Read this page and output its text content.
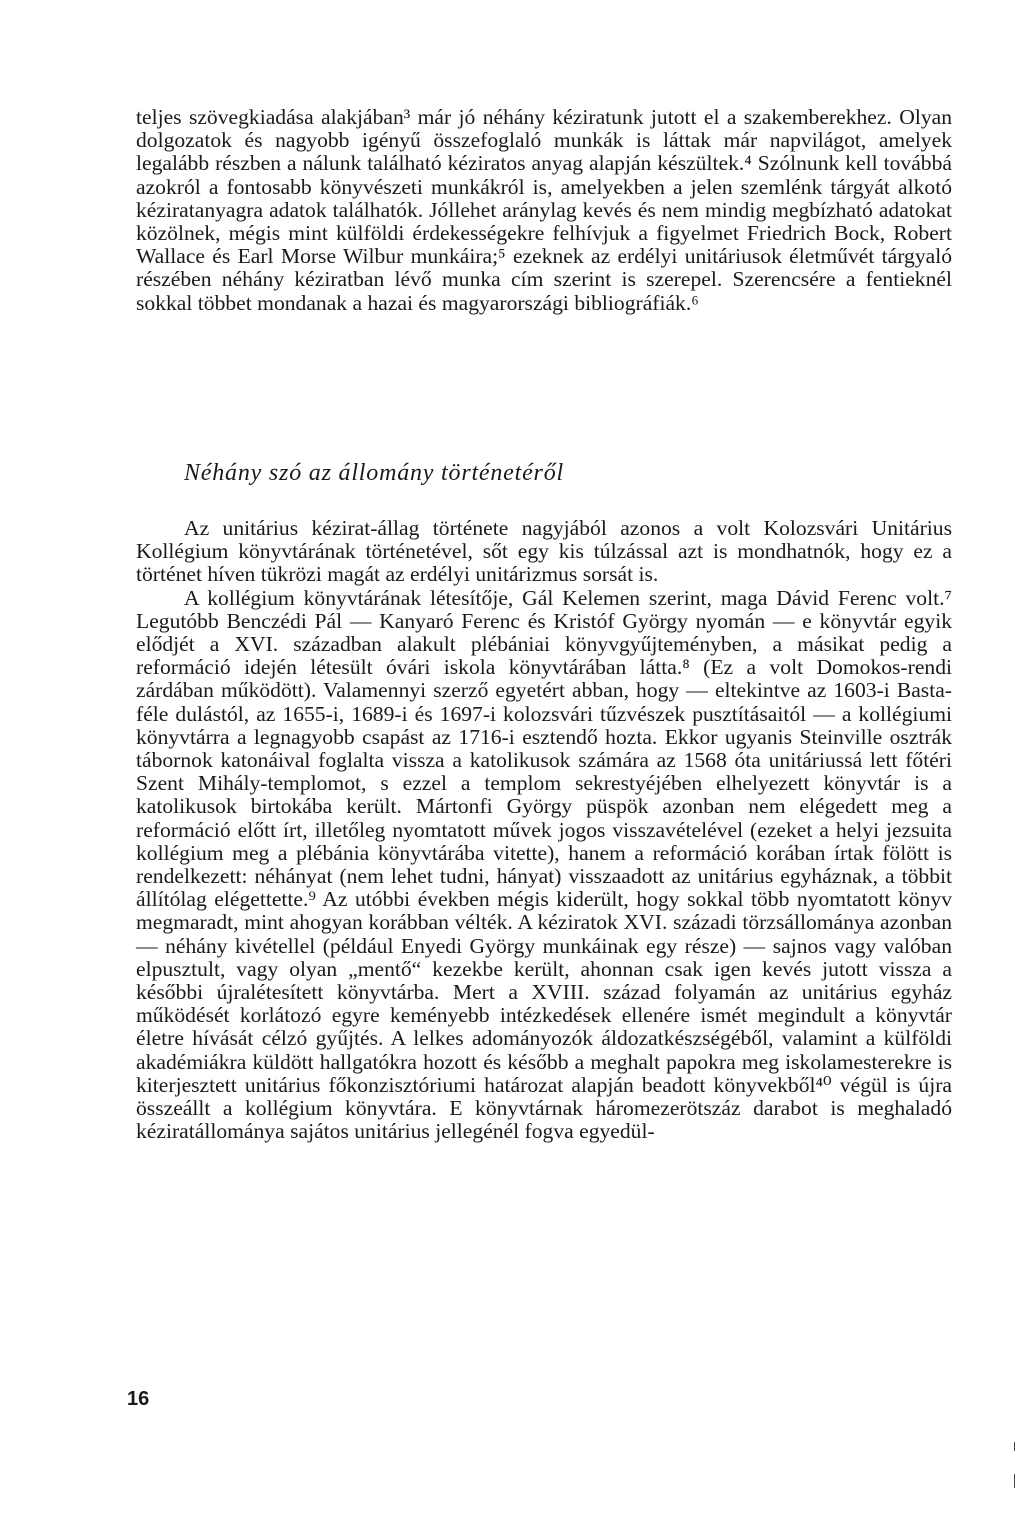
teljes szövegkiadása alakjában³ már jó néhány kéziratunk jutott el a szakemberekhez. Olyan dolgozatok és nagyobb igényű összefoglaló munkák is láttak már napvilágot, amelyek legalább részben a nálunk található kéziratos anyag alapján készültek.⁴ Szólnunk kell továbbá azokról a fontosabb könyvészeti munkákról is, amelyekben a jelen szemlénk tárgyát alkotó kéziratanyagra adatok találhatók. Jóllehet aránylag kevés és nem mindig megbízható adatokat közölnek, mégis mint külföldi érdekességekre felhívjuk a figyelmet Friedrich Bock, Robert Wallace és Earl Morse Wilbur munkáira;⁵ ezeknek az erdélyi unitáriusok életművét tárgyaló részében néhány kéziratban lévő munka cím szerint is szerepel. Szerencsére a fentieknél sokkal többet mondanak a hazai és magyarországi bibliográfiák.⁶

Néhány szó az állomány történetéről

Az unitárius kézirat-állag története nagyjából azonos a volt Kolozsvári Unitárius Kollégium könyvtárának történetével, sőt egy kis túlzással azt is mondhatnók, hogy ez a történet híven tükrözi magát az erdélyi unitárizmus sorsát is.

A kollégium könyvtárának létesítője, Gál Kelemen szerint, maga Dávid Ferenc volt.⁷ Legutóbb Benczédi Pál — Kanyaró Ferenc és Kristóf György nyomán — e könyvtár egyik elődjét a XVI. században alakult plébániai könyvgyűjteményben, a másikat pedig a reformáció idején létesült óvári iskola könyvtárában látta.⁸ (Ez a volt Domokos-rendi zárdában működött). Valamennyi szerző egyetért abban, hogy — eltekintve az 1603-i Basta-féle dulástól, az 1655-i, 1689-i és 1697-i kolozsvári tűzvészek pusztításaitól — a kollégiumi könyvtárra a legnagyobb csapást az 1716-i esztendő hozta. Ekkor ugyanis Steinville osztrák tábornok katonáival foglalta vissza a katolikusok számára az 1568 óta unitáriussá lett főtéri Szent Mihály-templomot, s ezzel a templom sekrestyéjében elhelyezett könyvtár is a katolikusok birtokába került. Mártonfi György püspök azonban nem elégedett meg a reformáció előtt írt, illetőleg nyomtatott művek jogos visszavételével (ezeket a helyi jezsuita kollégium meg a plébánia könyvtárába vitette), hanem a reformáció korában írtak fölött is rendelkezett: néhányat (nem lehet tudni, hányat) visszaadott az unitárius egyháznak, a többit állítólag elégettette.⁹ Az utóbbi években mégis kiderült, hogy sokkal több nyomtatott könyv megmaradt, mint ahogyan korábban vélték. A kéziratok XVI. századi törzsállománya azonban — néhány kivétellel (például Enyedi György munkáinak egy része) — sajnos vagy valóban elpusztult, vagy olyan „mentő“ kezekbe került, ahonnan csak igen kevés jutott vissza a későbbi újralétesített könyvtárba. Mert a XVIII. század folyamán az unitárius egyház működését korlátozó egyre keményebb intézkedések ellenére ismét megindult a könyvtár életre hívását célzó gyűjtés. A lelkes adományozók áldozatkészségéből, valamint a külföldi akadémiákra küldött hallgatókra hozott és később a meghalt papokra meg iskolamesterekre is kiterjesztett unitárius főkonzisztóriumi határozat alapján beadott könyvekből⁴⁰ végül is újra összeállt a kollégium könyvtára. E könyvtárnak háromezerötszáz darabot is meghaladó kéziratállománya sajátos unitárius jellegénél fogva egyedül-

16
